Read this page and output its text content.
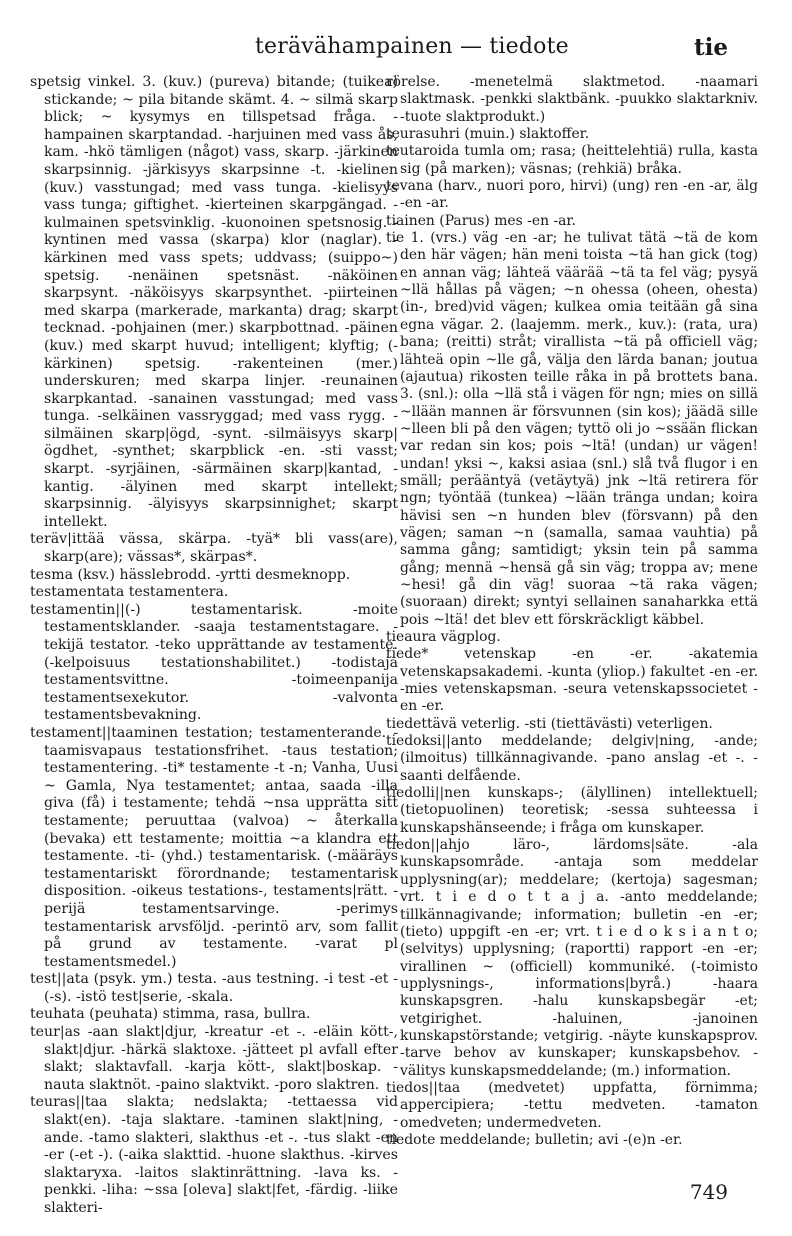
terävähampainen — tiedote	tie

spetsig vinkel. 3. (kuv.) (pureva) bitande; (tuikea) stickande; ~ pila bitande skämt. 4. ~ silmä skarp blick; ~ kysymys en tillspetsad fråga. -hampainen skarptandad. -harjuinen med vass ås, kam. -hkö tämligen (något) vass, skarp. -järkinen skarpsinnig. -järkisyys skarpsinne -t. -kielinen (kuv.) vasstungad; med vass tunga. -kielisyys vass tunga; giftighet. -kierteinen skarpgängad. -kulmainen spetsvinklig. -kuonoinen spetsnosig. -kyntinen med vassa (skarpa) klor (naglar). -kärkinen med vass spets; uddvass; (suippo~) spetsig. -nenäinen spetsnäst. -näköinen skarpsynt. -näköisyys skarpsynthet. -piirteinen med skarpa (markerade, markanta) drag; skarpt tecknad. -pohjainen (mer.) skarpbottnad. -päinen (kuv.) med skarpt huvud; intelligent; klyftig; (-kärkinen) spetsig. -rakenteinen (mer.) underskuren; med skarpa linjer. -reunainen skarpkantad. -sanainen vasstungad; med vass tunga. -selkäinen vassryggad; med vass rygg. -silmäinen skarp|ögd, -synt. -silmäisyys skarp|ögdhet, -synthet; skarpblick -en. -sti vasst; skarpt. -syrjäinen, -särmäinen skarp|kantad, -kantig. -älyinen med skarpt intellekt; skarpsinnig. -älyisyys skarpsinnighet; skarpt intellekt.

teräv|ittää vässa, skärpa. -tyä* bli vass(are), skarp(are); vässas*, skärpas*.

tesma (ksv.) hässlebrodd. -yrtti desmeknopp.

testamentata testamentera.

testamentin||(-) testamentarisk. -moite testamentsklander. -saaja testamentstagare. -tekijä testator. -teko upprättande av testamente. (-kelpoisuus testationshabilitet.) -todistaja testamentsvittne. -toimeenpanija testamentsexekutor. -valvonta testamentsbevakning.

testament||taaminen testation; testamenterande. -taamisvapaus testationsfrihet. -taus testation; testamentering. -ti* testamente -t -n; Vanha, Uusi ~ Gamla, Nya testamentet; antaa, saada -illa giva (få) i testamente; tehdä ~nsa upprätta sitt testamente; peruuttaa (valvoa) ~ återkalla (bevaka) ett testamente; moittia ~a klandra ett testamente. -ti- (yhd.) testamentarisk. (-määräys testamentariskt förordnande; testamentarisk disposition. -oikeus testations-, testaments|rätt. -perijä testamentsarvinge. -perimys testamentarisk arvsföljd. -perintö arv, som fallit på grund av testamente. -varat pl testamentsmedel.)

test||ata (psyk. ym.) testa. -aus testning. -i test -et - (-s). -istö test|serie, -skala.

teuhata (peuhata) stimma, rasa, bullra.

teur|as -aan slakt|djur, -kreatur -et -. -eläin kött-, slakt|djur. -härkä slaktoxe. -jätteet pl avfall efter slakt; slaktavfall. -karja kött-, slakt|boskap. -nauta slaktnöt. -paino slaktvikt. -poro slaktren.

teuras||taa slakta; nedslakta; -tettaessa vid slakt(en). -taja slaktare. -taminen slakt|ning, -ande. -tamo slakteri, slakthus -et -. -tus slakt -en -er (-et -). (-aika slakttid. -huone slakthus. -kirves slaktaryxa. -laitos slaktinrättning. -lava ks. -penkki. -liha: ~ssa [oleva] slakt|fet, -färdig. -liike slakteri-

rörelse. -menetelmä slaktmetod. -naamari slaktmask. -penkki slaktbänk. -puukko slaktarkniv. -tuote slaktprodukt.)

teurasuhri (muin.) slaktoffer.

teutaroida tumla om; rasa; (heittelehtiä) rulla, kasta sig (på marken); väsnas; (rehkiä) bråka.

tevana (harv., nuori poro, hirvi) (ung) ren -en -ar, älg -en -ar.

tiainen (Parus) mes -en -ar.

tie 1. (vrs.) väg -en -ar; he tulivat tätä ~tä de kom den här vägen; hän meni toista ~tä han gick (tog) en annan väg; lähteä väärää ~tä ta fel väg; pysyä ~llä hållas på vägen; ~n ohessa (oheen, ohesta) (in-, bred)vid vägen; kulkea omia teitään gå sina egna vägar. 2. (laajemm. merk., kuv.): (rata, ura) bana; (reitti) stråt; virallista ~tä på officiell väg; lähteä opin ~lle gå, välja den lärda banan; joutua (ajautua) rikosten teille råka in på brottets bana. 3. (snl.): olla ~llä stå i vägen för ngn; mies on sillä ~llään mannen är försvunnen (sin kos); jäädä sille ~lleen bli på den vägen; tyttö oli jo ~ssään flickan var redan sin kos; pois ~ltä! (undan) ur vägen! undan! yksi ~, kaksi asiaa (snl.) slå två flugor i en smäll; perääntyä (vetäytyä) jnk ~ltä retirera för ngn; työntää (tunkea) ~lään tränga undan; koira hävisi sen ~n hunden blev (försvann) på den vägen; saman ~n (samalla, samaa vauhtia) på samma gång; samtidigt; yksin tein på samma gång; mennä ~hensä gå sin väg; troppa av; mene ~hesi! gå din väg! suoraa ~tä raka vägen; (suoraan) direkt; syntyi sellainen sanaharkka että pois ~ltä! det blev ett förskräckligt käbbel.

tieaura vägplog.

tiede* vetenskap -en -er. -akatemia vetenskapsakademi. -kunta (yliop.) fakultet -en -er. -mies vetenskapsman. -seura vetenskapssocietet -en -er.

tiedettävä veterlig. -sti (tiettävästi) veterligen.

tiedoksi||anto meddelande; delgiv|ning, -ande; (ilmoitus) tillkännagivande. -pano anslag -et -. -saanti delfående.

tiedolli||nen kunskaps-; (älyllinen) intellektuell; (tietopuolinen) teoretisk; -sessa suhteessa i kunskapshänseende; i fråga om kunskaper.

tiedon||ahjo läro-, lärdoms|säte. -ala kunskapsområde. -antaja som meddelar upplysning(ar); meddelare; (kertoja) sagesman; vrt. t i e d o t t a j a. -anto meddelande; tillkännagivande; information; bulletin -en -er; (tieto) uppgift -en -er; vrt. t i e d o k s i a n t o; (selvitys) upplysning; (raportti) rapport -en -er; virallinen ~ (officiell) kommuniké. (-toimisto upplysnings-, informations|byrå.) -haara kunskapsgren. -halu kunskapsbegär -et; vetgirighet. -haluinen, -janoinen kunskapstörstande; vetgirig. -näyte kunskapsprov. -tarve behov av kunskaper; kunskapsbehov. -välitys kunskapsmeddelande; (m.) information.

tiedos||taa (medvetet) uppfatta, förnimma; appercipiera; -tettu medveten. -tamaton omedveten; undermedveten.

tiedote meddelande; bulletin; avi -(e)n -er.

749
